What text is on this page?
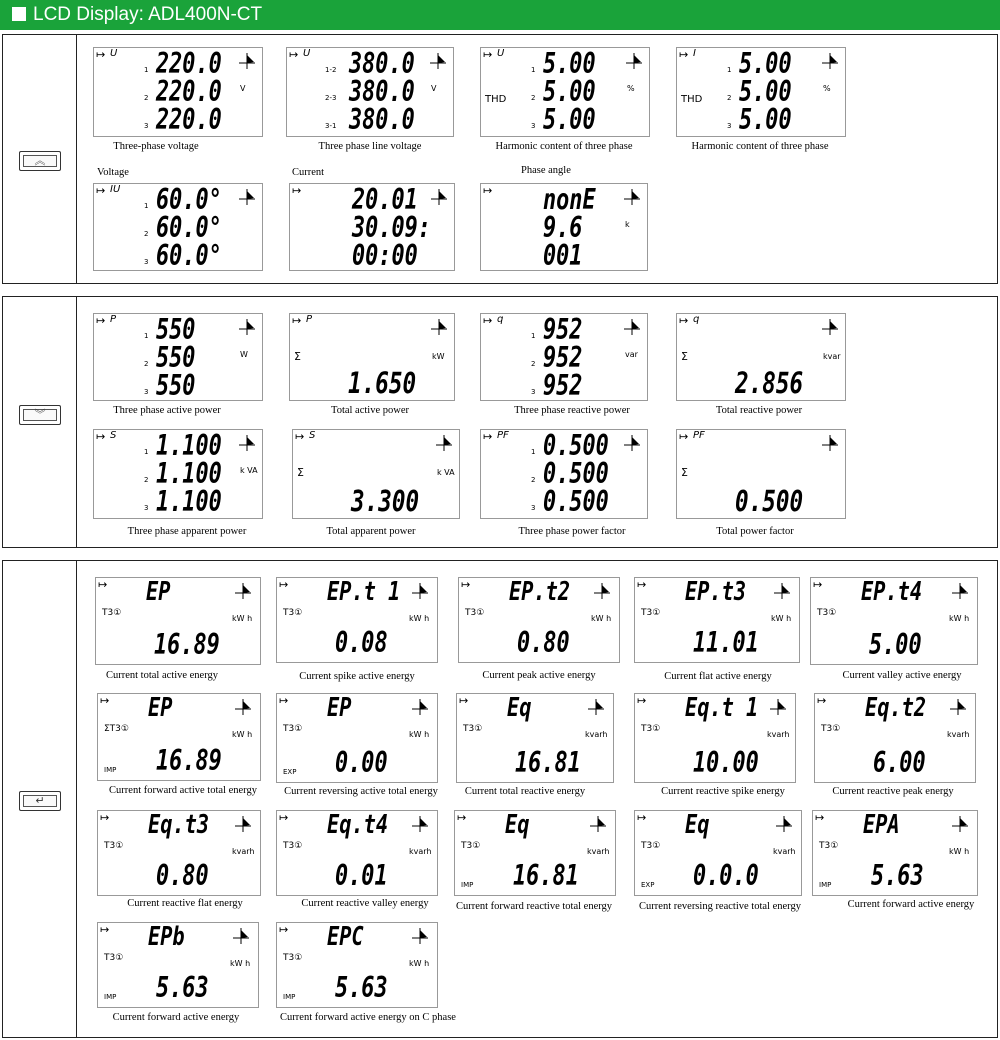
LCD Display: ADL400N-CT
︽
︾
↵
Voltage	Current	Phase angle
↦ U
V
1 220.0
2 220.0
3 220.0
Three-phase voltage
↦ U
V
1-2 380.0
2-3 380.0
3-1 380.0
Three phase line voltage
↦ U
%
THD
1 5.00
2 5.00
3 5.00
Harmonic content of three phase
↦ I
%
THD
1 5.00
2 5.00
3 5.00
Harmonic content of three phase
↦ IU
1 60.0°
2 60.0°
3 60.0°
↦ 20.01
30.09:
00:00
↦
k
nonE
9.6
001
↦ P
W
1 550
2 550
3 550
Three phase active power
↦ P
kW
Σ
1.650
Total active power
↦ q
var
1 952
2 952
3 952
Three phase reactive power
↦ q
kvar
Σ
2.856
Total reactive power
↦ S
k VA
1 1.100
2 1.100
3 1.100
Three phase apparent power
↦ S
k VA
Σ
3.300
Total apparent power
↦ PF
1 0.500
2 0.500
3 0.500
Three phase power factor
↦ PF
Σ
0.500
Total power factor
↦ EP
T3①
kW h
16.89
Current total active energy
↦ EP.t 1
T3①
kW h
0.08
Current spike active energy
↦ EP.t2
T3①
kW h
0.80
Current peak active energy
↦ EP.t3
T3①
kW h
11.01
Current flat active energy
↦ EP.t4
T3①
kW h
5.00
Current valley active energy
↦ EP
ΣT3①
kW h
IMP 16.89
Current forward active total energy
↦ EP
T3①
kW h
EXP 0.00
Current reversing active total energy
↦ Eq
T3①
kvarh
16.81
Current total reactive energy
↦ Eq.t 1
T3①
kvarh
10.00
Current reactive spike energy
↦ Eq.t2
T3①
kvarh
6.00
Current reactive peak energy
↦ Eq.t3
T3①
kvarh
0.80
Current reactive flat energy
↦ Eq.t4
T3①
kvarh
0.01
Current reactive valley energy
↦ Eq
T3①
kvarh
IMP 16.81
Current forward reactive total energy
↦ Eq
T3①
kvarh
EXP 0.0.0
Current reversing reactive total energy
↦ EPA
T3①
kW h
IMP 5.63
Current forward active energy
↦ EPb
T3①
kW h
IMP 5.63
Current forward active energy
↦ EPC
T3①
kW h
IMP 5.63
Current forward active energy on C phase
